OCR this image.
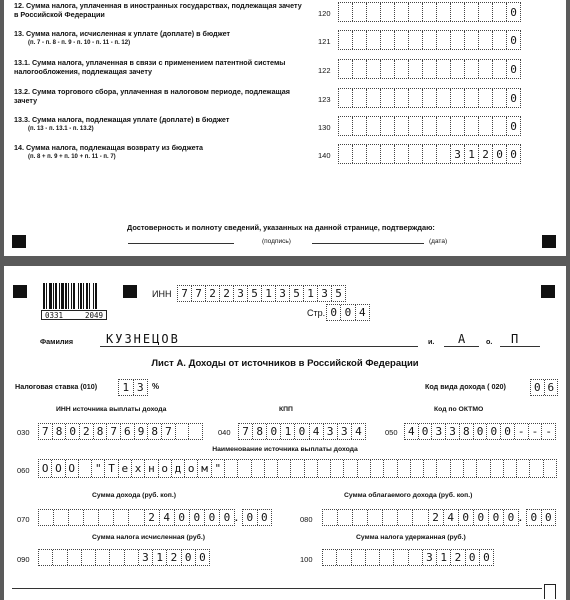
12. Сумма налога, уплаченная в иностранных государствах, подлежащая зачету в Российской Федерации	120	0
13. Сумма налога, исчисленная к уплате (доплате) в бюджет
(п. 7 - п. 8 - п. 9 - п. 10 - п. 11 - п. 12)	121	0
13.1. Сумма налога, уплаченная в связи с применением патентной системы налогообложения, подлежащая зачету	122	0
13.2. Сумма торгового сбора, уплаченная в налоговом периоде, подлежащая зачету	123	0
13.3. Сумма налога, подлежащая уплате (доплате) в бюджет
(п. 13 - п. 13.1 - п. 13.2)	130	0
14. Сумма налога, подлежащая возврату из бюджета
(п. 8 + п. 9 + п. 10 + п. 11 - п. 7)	140	3 1 2 0 0
Достоверность и полноту сведений, указанных на данной странице, подтверждаю:
(подпись)	(дата)
0331	2049
ИНН 7 7 2 2 3 5 1 3 5 1 3 5
Стр. 0 0 4
Фамилия	КУЗНЕЦОВ	и. А	о. П
Лист А. Доходы от источников в Российской Федерации
Налоговая ставка (010)	1 3	%	Код вида дохода ( 020)	0 6
ИНН источника выплаты дохода	КПП	Код по ОКТМО
030 7 8 0 2 8 7 6 9 8 7	040 7 8 0 1 0 4 3 3 4	050 4 0 3 3 8 0 0 0 - - -
Наименование источника выплаты дохода
060 О О О	" Т е х н о д о м "
Сумма дохода (руб. коп.)	Сумма облагаемого дохода (руб. коп.)
070	2 4 0 0 0 0 . 0 0	080	2 4 0 0 0 0 . 0 0
Сумма налога исчисленная (руб.)	Сумма налога удержанная (руб.)
090	3 1 2 0 0	100	3 1 2 0 0
